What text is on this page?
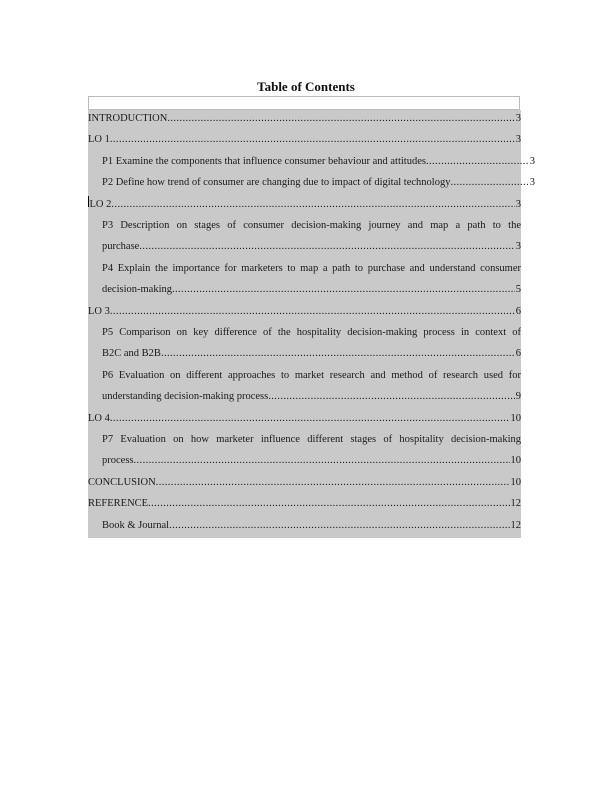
Table of Contents
INTRODUCTION .....	3
LO 1 .....	3
P1 Examine the components that influence consumer behaviour and attitudes .....	3
P2 Define how trend of consumer are changing due to impact of digital technology .....	3
LO 2 .....	3
P3 Description on stages of consumer decision-making journey and map a path to the
purchase .....	3
P4 Explain the importance for marketers to map a path to purchase and understand consumer
decision-making .....	5
LO 3 .....	6
P5 Comparison on key difference of the hospitality decision-making process in context of
B2C and B2B .....	6
P6 Evaluation on different approaches to market research and method of research used for
understanding decision-making process .....	9
LO 4 .....	10
P7 Evaluation on how marketer influence different stages of hospitality decision-making
process .....	10
CONCLUSION .....	10
REFERENCE .....	12
Book & Journal .....	12
